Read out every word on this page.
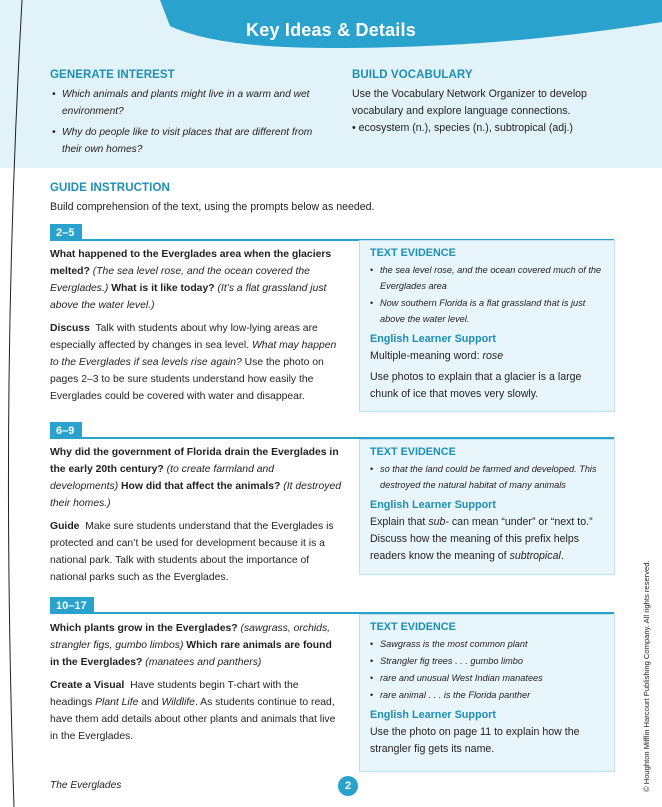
Key Ideas & Details
GENERATE INTEREST
• Which animals and plants might live in a warm and wet environment?
• Why do people like to visit places that are different from their own homes?
BUILD VOCABULARY
Use the Vocabulary Network Organizer to develop vocabulary and explore language connections.
• ecosystem (n.), species (n.), subtropical (adj.)
GUIDE INSTRUCTION
Build comprehension of the text, using the prompts below as needed.
2–5

What happened to the Everglades area when the glaciers melted? (The sea level rose, and the ocean covered the Everglades.) What is it like today? (It’s a flat grassland just above the water level.)

Discuss Talk with students about why low-lying areas are especially affected by changes in sea level. What may happen to the Everglades if sea levels rise again? Use the photo on pages 2–3 to be sure students understand how easily the Everglades could be covered with water and disappear.

TEXT EVIDENCE
• the sea level rose, and the ocean covered much of the Everglades area
• Now southern Florida is a flat grassland that is just above the water level.
English Learner Support

Multiple-meaning word: rose

Use photos to explain that a glacier is a large chunk of ice that moves very slowly.

6–9

Why did the government of Florida drain the Everglades in the early 20th century? (to create farmland and developments) How did that affect the animals? (It destroyed their homes.)

Guide Make sure students understand that the Everglades is protected and can’t be used for development because it is a national park. Talk with students about the importance of national parks such as the Everglades.

TEXT EVIDENCE
• so that the land could be farmed and developed. This destroyed the natural habitat of many animals
English Learner Support

Explain that sub- can mean “under” or “next to.” Discuss how the meaning of this prefix helps readers know the meaning of subtropical.

10–17

Which plants grow in the Everglades? (sawgrass, orchids, strangler figs, gumbo limbos) Which rare animals are found in the Everglades? (manatees and panthers)

Create a Visual Have students begin T-chart with the headings Plant Life and Wildlife. As students continue to read, have them add details about other plants and animals that live in the Everglades.

TEXT EVIDENCE
• Sawgrass is the most common plant
• Strangler fig trees . . . gumbo limbo
• rare and unusual West Indian manatees
• rare animal . . . is the Florida panther
English Learner Support

Use the photo on page 11 to explain how the strangler fig gets its name.

The Everglades	2	© Houghton Mifflin Harcourt Publishing Company. All rights reserved.
